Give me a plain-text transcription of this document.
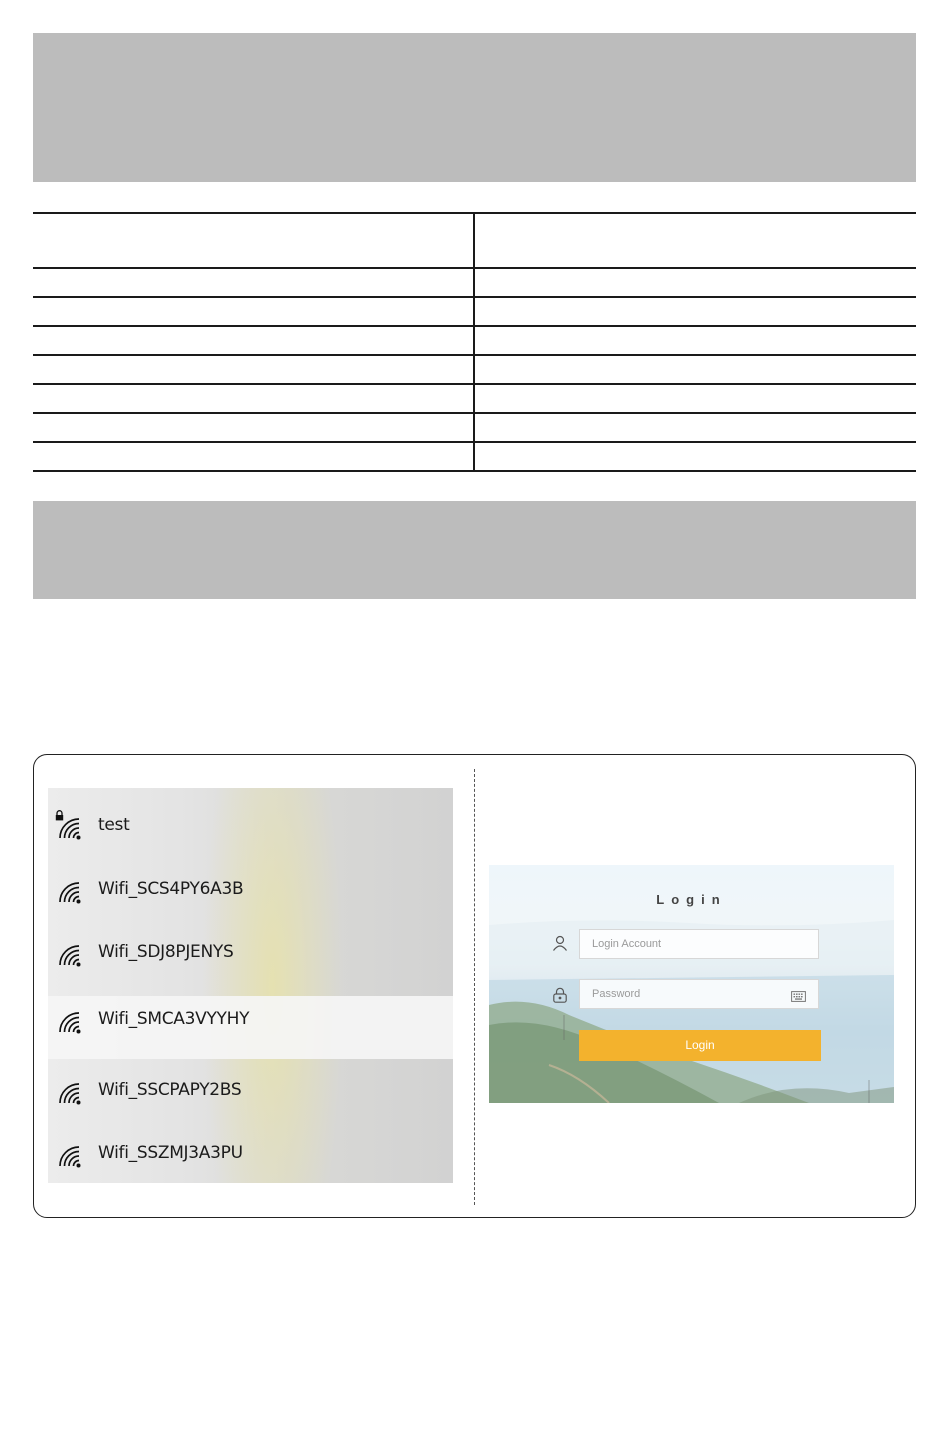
test
Wifi_SCS4PY6A3B
Wifi_SDJ8PJENYS
Wifi_SMCA3VYYHY
Wifi_SSCPAPY2BS
Wifi_SSZMJ3A3PU
Login
Login Account
Password
Login
